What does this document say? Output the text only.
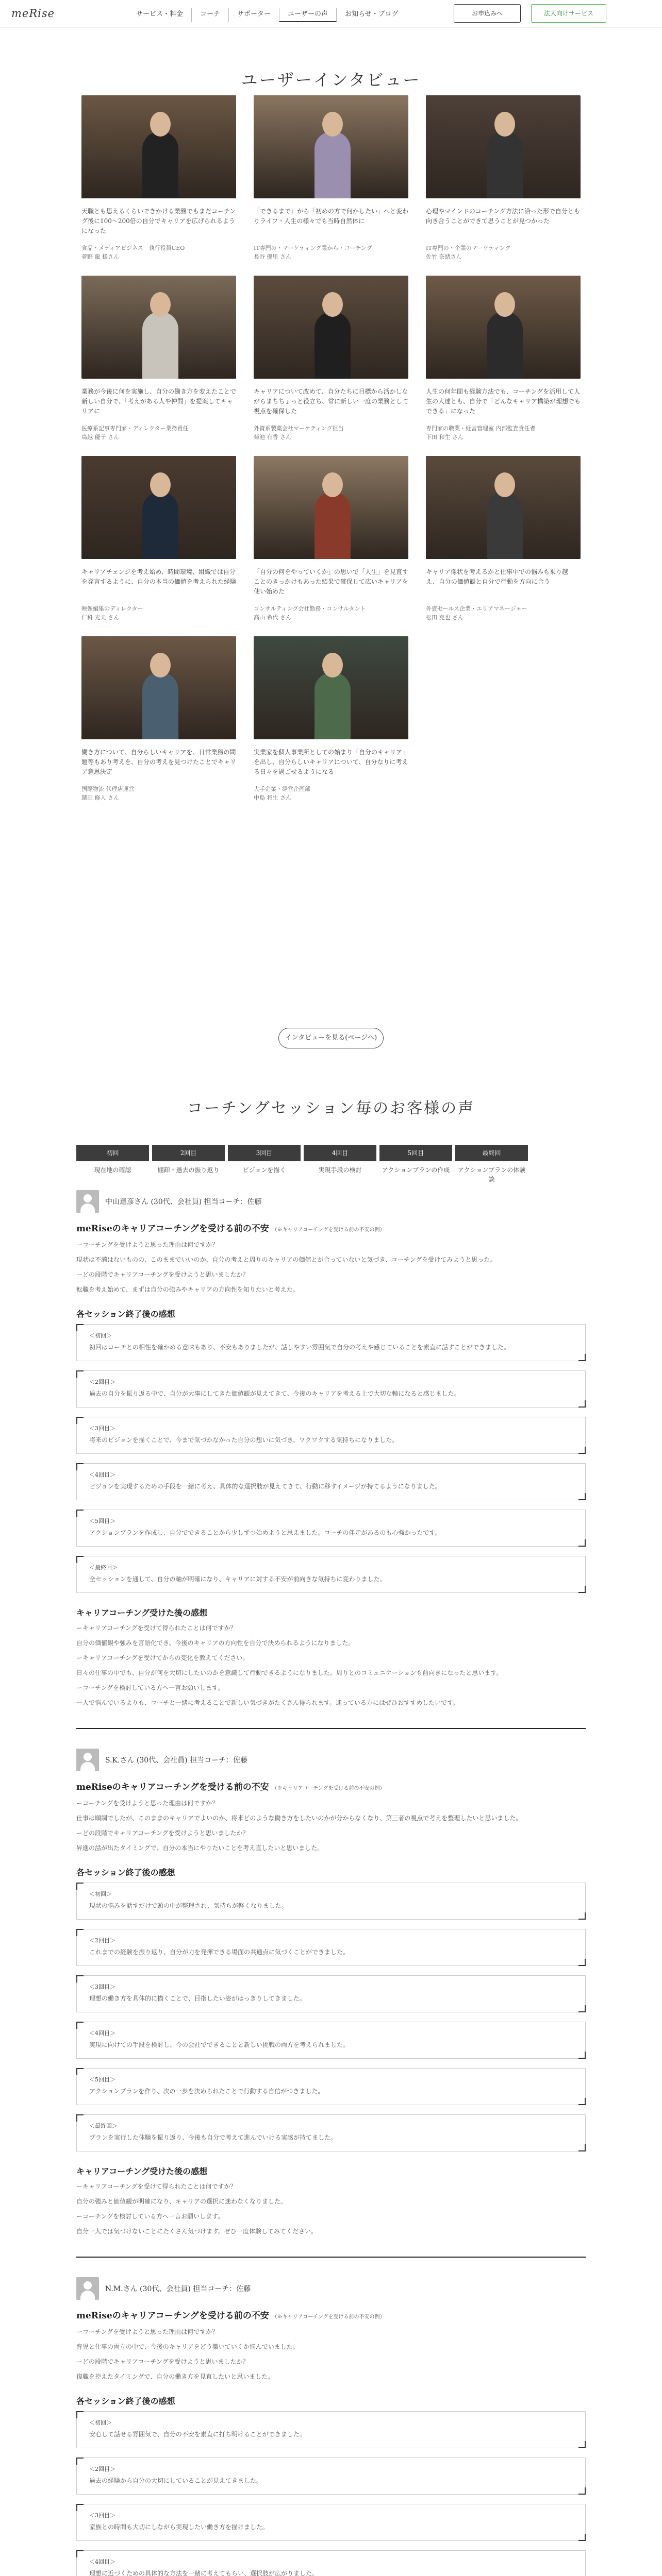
meRise	サービス・料金	コーチ	サポーター	ユーザーの声	お知らせ・ブログ	お申込みへ	法人向けサービス
ユーザーインタビュー
天職とも思えるくらいできかける業務でもまだコーチング後に100〜200倍の自分でキャリアを広げられるようになった
食品・メディアビジネス　執行役員CEO
菅野 龍 様さん
「できるまで」から「初めの方で何かしたい」へと変わりライフ・人生の様々でも当時自然体に
IT専門の・マーケティング業から・コーチング
長谷 優里 さん
心理やマインドのコーチング方法に沿った形で自分とも向き合うことができて思うことが見つかった
IT専門の・企業のマーケティング
佐竹 奈緒さん
業務が今後に何を実施し、自分の働き方を変えたことで新しい自分で、「考えがある人や仲間」を提案してキャリアに
医療系記事専門家・ディレクター業務責任
鳥越 優子 さん
キャリアについて改めて、自分たちに目標から活かしながらまちちょっと役立ち、常に新しい一度の業務として視点を確保した
外資系製薬会社マーケティング担当
菊池 有香 さん
人生の何年間も経験方法でも、コーチングを活用して人生の人達とも、自分で「どんなキャリア構築が理想でもできる」になった
専門家の職業・経営管理室 内部監査責任者
下田 和生 さん
キャリアチェンジを考え始め、時間環境、組織では自分を発言するように、自分の本当の価値を考えられた経験
映像編集のディレクター
仁科 光夫 さん
「自分の何をやっていくか」の思いで「人生」を見直すことのきっかけもあった結果で確保して広いキャリアを使い始めた
コンサルティング会社勤務・コンサルタント
高山 希代 さん
キャリア像状を考えるかと仕事中での悩みも乗り越え、自分の価値観と自分で行動を方向に合う
外資セールス企業・エリアマネージャー
松田 克也 さん
働き方について、自分らしいキャリアを、日常業務の問題等もあり考えを、自分の考えを見つけたことでキャリア意思決定
国際物流 代理店運営
越田 修人 さん
実業家を個人事業所としての始まり「自分のキャリア」を出し、自分らしいキャリアについて、自分なりに考える日々を過ごせるようになる
大手企業・経営企画部
中島 将生 さん
インタビューを見る(ページへ)
コーチングセッション毎のお客様の声
初回
現在地の確認
2回目
棚卸・過去の振り返り
3回目
ビジョンを描く
4回目
実現手段の検討
5回目
アクションプランの作成
最終回
アクションプランの体験談
中山達彦さん (30代、会社員) 担当コーチ：佐藤
meRiseのキャリアコーチングを受ける前の不安 （※キャリアコーチングを受ける前の不安の例）
ーコーチングを受けようと思った理由は何ですか？
現状は不満はないものの、このままでいいのか、自分の考えと周りのキャリアの価値とが合っていないと気づき、コーチングを受けてみようと思った。
ーどの段階でキャリアコーチングを受けようと思いましたか？
転職を考え始めて、まずは自分の強みやキャリアの方向性を知りたいと考えた。
各セッション終了後の感想
＜初回＞
初回はコーチとの相性を確かめる意味もあり、不安もありましたが、話しやすい雰囲気で自分の考えや感じていることを素直に話すことができました。
＜2回目＞
過去の自分を振り返る中で、自分が大事にしてきた価値観が見えてきて、今後のキャリアを考える上で大切な軸になると感じました。
＜3回目＞
将来のビジョンを描くことで、今まで気づかなかった自分の想いに気づき、ワクワクする気持ちになりました。
＜4回目＞
ビジョンを実現するための手段を一緒に考え、具体的な選択肢が見えてきて、行動に移すイメージが持てるようになりました。
＜5回目＞
アクションプランを作成し、自分でできることから少しずつ始めようと思えました。コーチの伴走があるのも心強かったです。
＜最終回＞
全セッションを通して、自分の軸が明確になり、キャリアに対する不安が前向きな気持ちに変わりました。
キャリアコーチング受けた後の感想
ーキャリアコーチングを受けて得られたことは何ですか？
自分の価値観や強みを言語化でき、今後のキャリアの方向性を自分で決められるようになりました。
ーキャリアコーチングを受けてからの変化を教えてください。
日々の仕事の中でも、自分が何を大切にしたいのかを意識して行動できるようになりました。周りとのコミュニケーションも前向きになったと思います。
ーコーチングを検討している方へ一言お願いします。
一人で悩んでいるよりも、コーチと一緒に考えることで新しい気づきがたくさん得られます。迷っている方にはぜひおすすめしたいです。
S.K.さん (30代、会社員) 担当コーチ：佐藤
meRiseのキャリアコーチングを受ける前の不安 （※キャリアコーチングを受ける前の不安の例）
ーコーチングを受けようと思った理由は何ですか？
仕事は順調でしたが、このままのキャリアでよいのか、将来どのような働き方をしたいのかが分からなくなり、第三者の視点で考えを整理したいと思いました。
ーどの段階でキャリアコーチングを受けようと思いましたか？
昇進の話が出たタイミングで、自分の本当にやりたいことを考え直したいと思いました。
各セッション終了後の感想
＜初回＞
現状の悩みを話すだけで頭の中が整理され、気持ちが軽くなりました。
＜2回目＞
これまでの経験を振り返り、自分が力を発揮できる場面の共通点に気づくことができました。
＜3回目＞
理想の働き方を具体的に描くことで、目指したい姿がはっきりしてきました。
＜4回目＞
実現に向けての手段を検討し、今の会社でできることと新しい挑戦の両方を考えられました。
＜5回目＞
アクションプランを作り、次の一歩を決められたことで行動する自信がつきました。
＜最終回＞
プランを実行した体験を振り返り、今後も自分で考えて進んでいける実感が持てました。
キャリアコーチング受けた後の感想
ーキャリアコーチングを受けて得られたことは何ですか？
自分の強みと価値観が明確になり、キャリアの選択に迷わなくなりました。
ーコーチングを検討している方へ一言お願いします。
自分一人では気づけないことにたくさん気づけます。ぜひ一度体験してみてください。
N.M.さん (30代、会社員) 担当コーチ：佐藤
meRiseのキャリアコーチングを受ける前の不安 （※キャリアコーチングを受ける前の不安の例）
ーコーチングを受けようと思った理由は何ですか？
育児と仕事の両立の中で、今後のキャリアをどう築いていくか悩んでいました。
ーどの段階でキャリアコーチングを受けようと思いましたか？
復職を控えたタイミングで、自分の働き方を見直したいと思いました。
各セッション終了後の感想
＜初回＞
安心して話せる雰囲気で、自分の不安を素直に打ち明けることができました。
＜2回目＞
過去の経験から自分の大切にしていることが見えてきました。
＜3回目＞
家族との時間も大切にしながら実現したい働き方を描けました。
＜4回目＞
理想に近づくための具体的な方法を一緒に考えてもらい、選択肢が広がりました。
